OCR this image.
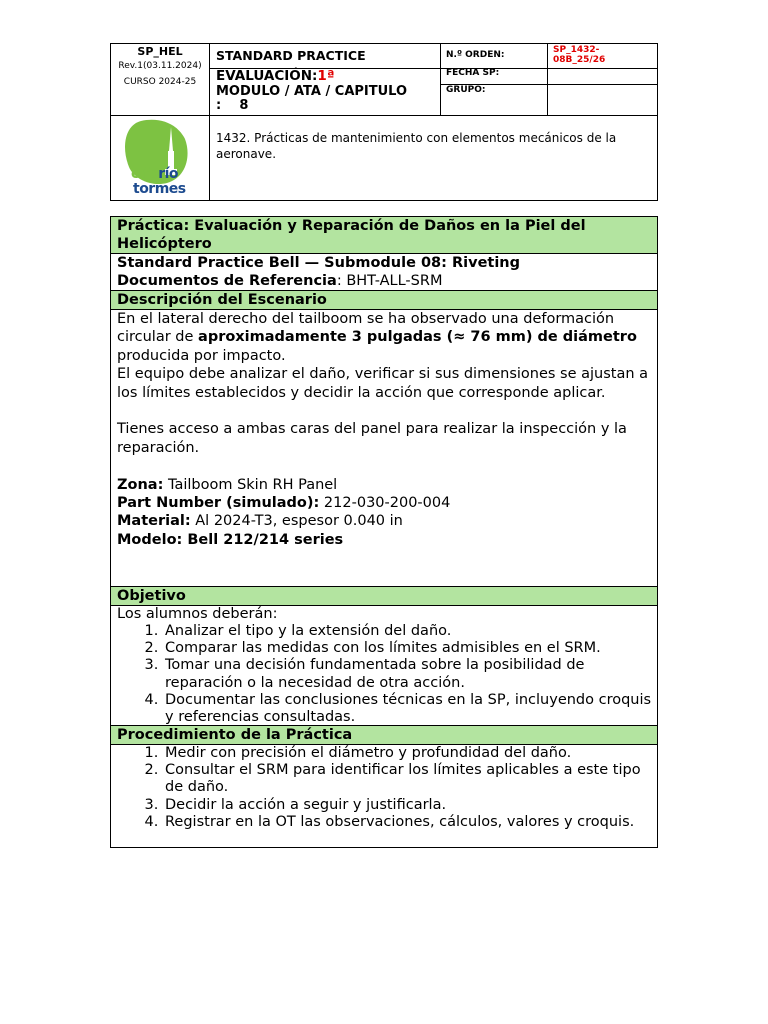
SP_HEL
Rev.1(03.11.2024)
CURSO 2024-25
STANDARD PRACTICE
EVALUACIÓN:1ª
MODULO / ATA / CAPITULO : 8
N.º ORDEN:
FECHA SP:
GRUPO:
SP_1432-08B_25/26
cifprío
tormes
1432. Prácticas de mantenimiento con elementos mecánicos de la aeronave.
Práctica: Evaluación y Reparación de Daños en la Piel del Helicóptero
Standard Practice Bell — Submodule 08: Riveting
Documentos de Referencia: BHT-ALL-SRM
Descripción del Escenario
En el lateral derecho del tailboom se ha observado una deformación circular de aproximadamente 3 pulgadas (≈ 76 mm) de diámetro producida por impacto.
El equipo debe analizar el daño, verificar si sus dimensiones se ajustan a los límites establecidos y decidir la acción que corresponde aplicar.
Tienes acceso a ambas caras del panel para realizar la inspección y la reparación.
Zona: Tailboom Skin RH Panel
Part Number (simulado): 212-030-200-004
Material: Al 2024-T3, espesor 0.040 in
Modelo: Bell 212/214 series
Objetivo
Los alumnos deberán:
1. Analizar el tipo y la extensión del daño.
2. Comparar las medidas con los límites admisibles en el SRM.
3. Tomar una decisión fundamentada sobre la posibilidad de reparación o la necesidad de otra acción.
4. Documentar las conclusiones técnicas en la SP, incluyendo croquis y referencias consultadas.
Procedimiento de la Práctica
1. Medir con precisión el diámetro y profundidad del daño.
2. Consultar el SRM para identificar los límites aplicables a este tipo de daño.
3. Decidir la acción a seguir y justificarla.
4. Registrar en la OT las observaciones, cálculos, valores y croquis.
